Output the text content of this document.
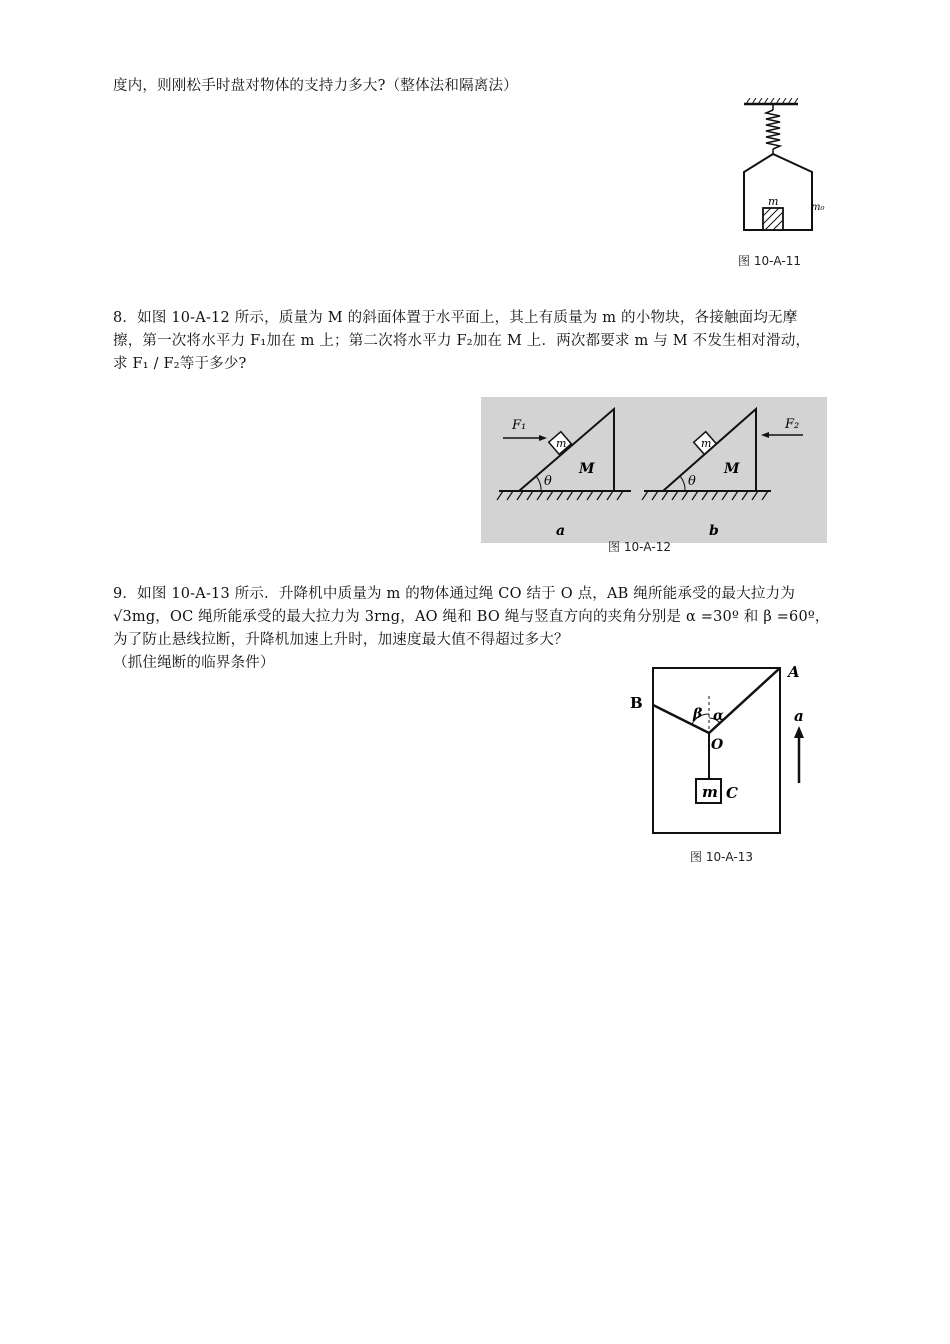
度内，则刚松手时盘对物体的支持力多大?（整体法和隔离法）

m	m₀
图 10-A-11

8．如图 10-A-12 所示，质量为 M 的斜面体置于水平面上，其上有质量为 m 的小物块，各接触面均无摩
擦，第一次将水平力 F₁加在 m 上；第二次将水平力 F₂加在 M 上．两次都要求 m 与 M 不发生相对滑动，
求 F₁ / F₂等于多少?

m
F₁
θ
M
a
m
F₂
θ
M
b
图 10-A-12

9．如图 10-A-13 所示．升降机中质量为 m 的物体通过绳 CO 结于 O 点，AB 绳所能承受的最大拉力为
√3mg，OC 绳所能承受的最大拉力为 3rng，AO 绳和 BO 绳与竖直方向的夹角分别是 α =30º 和 β =60º，
为了防止悬线拉断，升降机加速上升时，加速度最大值不得超过多大？
（抓住绳断的临界条件）

m C
O
β α
A
B
a
图 10-A-13
